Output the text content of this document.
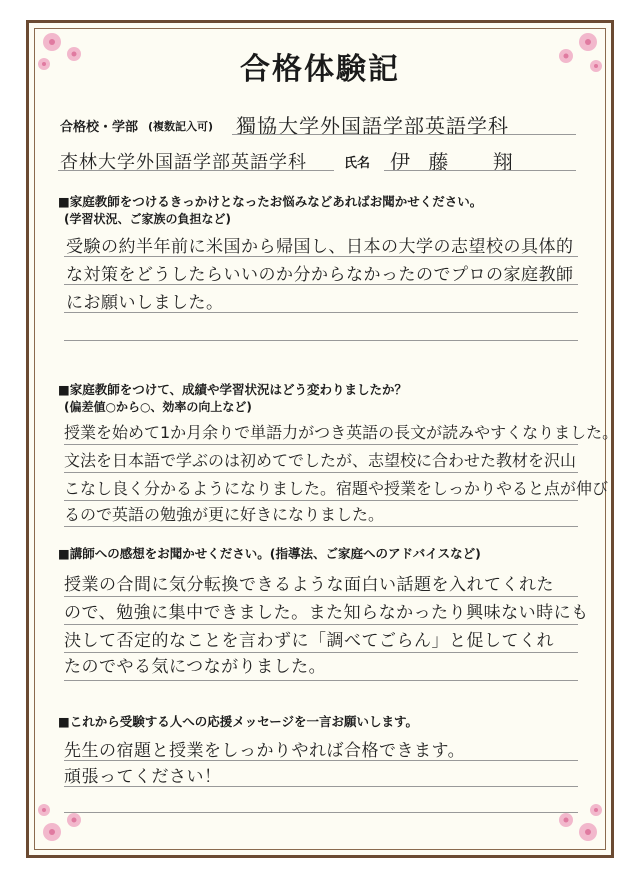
合格体験記
合格校・学部 (複数記入可) 獨協大学外国語学部英語学科
杏林大学外国語学部英語学科	氏名 伊 藤　 翔
■家庭教師をつけるきっかけとなったお悩みなどあればお聞かせください。
(学習状況、ご家族の負担など)
受験の約半年前に米国から帰国し、日本の大学の志望校の具体的
な対策をどうしたらいいのか分からなかったのでプロの家庭教師
にお願いしました。
■家庭教師をつけて、成績や学習状況はどう変わりましたか？
(偏差値○から○、効率の向上など)
授業を始めて1か月余りで単語力がつき英語の長文が読みやすくなりました。
文法を日本語で学ぶのは初めてでしたが、志望校に合わせた教材を沢山
こなし良く分かるようになりました。宿題や授業をしっかりやると点が伸び
るので英語の勉強が更に好きになりました。
■講師への感想をお聞かせください。(指導法、ご家庭へのアドバイスなど)
授業の合間に気分転換できるような面白い話題を入れてくれた
ので、勉強に集中できました。また知らなかったり興味ない時にも
決して否定的なことを言わずに「調べてごらん」と促してくれ
たのでやる気につながりました。
■これから受験する人への応援メッセージを一言お願いします。
先生の宿題と授業をしっかりやれば合格できます。
頑張ってください！
